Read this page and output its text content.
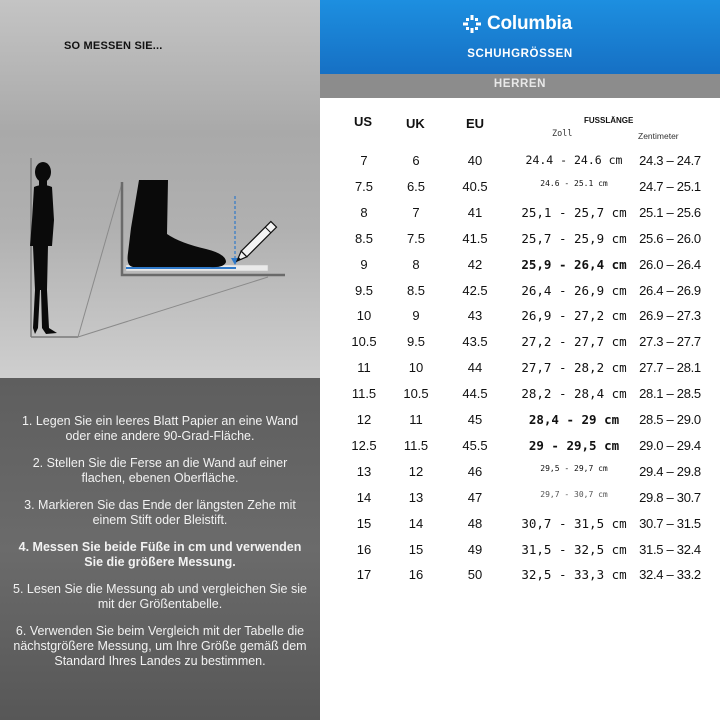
SO MESSEN SIE...
1. Legen Sie ein leeres Blatt Papier an eine Wand oder eine andere 90-Grad-Fläche.
2. Stellen Sie die Ferse an die Wand auf einer flachen, ebenen Oberfläche.
3. Markieren Sie das Ende der längsten Zehe mit einem Stift oder Bleistift.
4. Messen Sie beide Füße in cm und verwenden Sie die größere Messung.
5. Lesen Sie die Messung ab und vergleichen Sie sie mit der Größentabelle.
6. Verwenden Sie beim Vergleich mit der Tabelle die nächstgrößere Messung, um Ihre Größe gemäß dem Standard Ihres Landes zu bestimmen.
Columbia
SCHUHGRÖSSEN
HERREN
US	UK	EU	FUSSLÄNGE
Zoll	Zentimeter
7	6	40	24.4 - 24.6 cm	24.3 – 24.7
7.5	6.5	40.5	24.6 - 25.1 cm	24.7 – 25.1
8	7	41	25,1 - 25,7 cm 25.1 – 25.6
8.5	7.5	41.5	25,7 - 25,9 cm 25.6 – 26.0
9	8	42	25,9 - 26,4 cm 26.0 – 26.4
9.5	8.5	42.5	26,4 - 26,9 cm 26.4 – 26.9
10	9	43	26,9 - 27,2 cm 26.9 – 27.3
10.5	9.5	43.5	27,2 - 27,7 cm 27.3 – 27.7
11	10	44	27,7 - 28,2 cm 27.7 – 28.1
11.5	10.5	44.5	28,2 - 28,4 cm 28.1 – 28.5
12	11	45	28,4 - 29 cm	28.5 – 29.0
12.5	11.5	45.5	29 - 29,5 cm	29.0 – 29.4
13	12	46	29,5 - 29,7 cm	29.4 – 29.8
14	13	47	29,7 - 30,7 cm	29.8 – 30.7
15	14	48	30,7 - 31,5 cm 30.7 – 31.5
16	15	49	31,5 - 32,5 cm 31.5 – 32.4
17	16	50	32,5 - 33,3 cm 32.4 – 33.2
